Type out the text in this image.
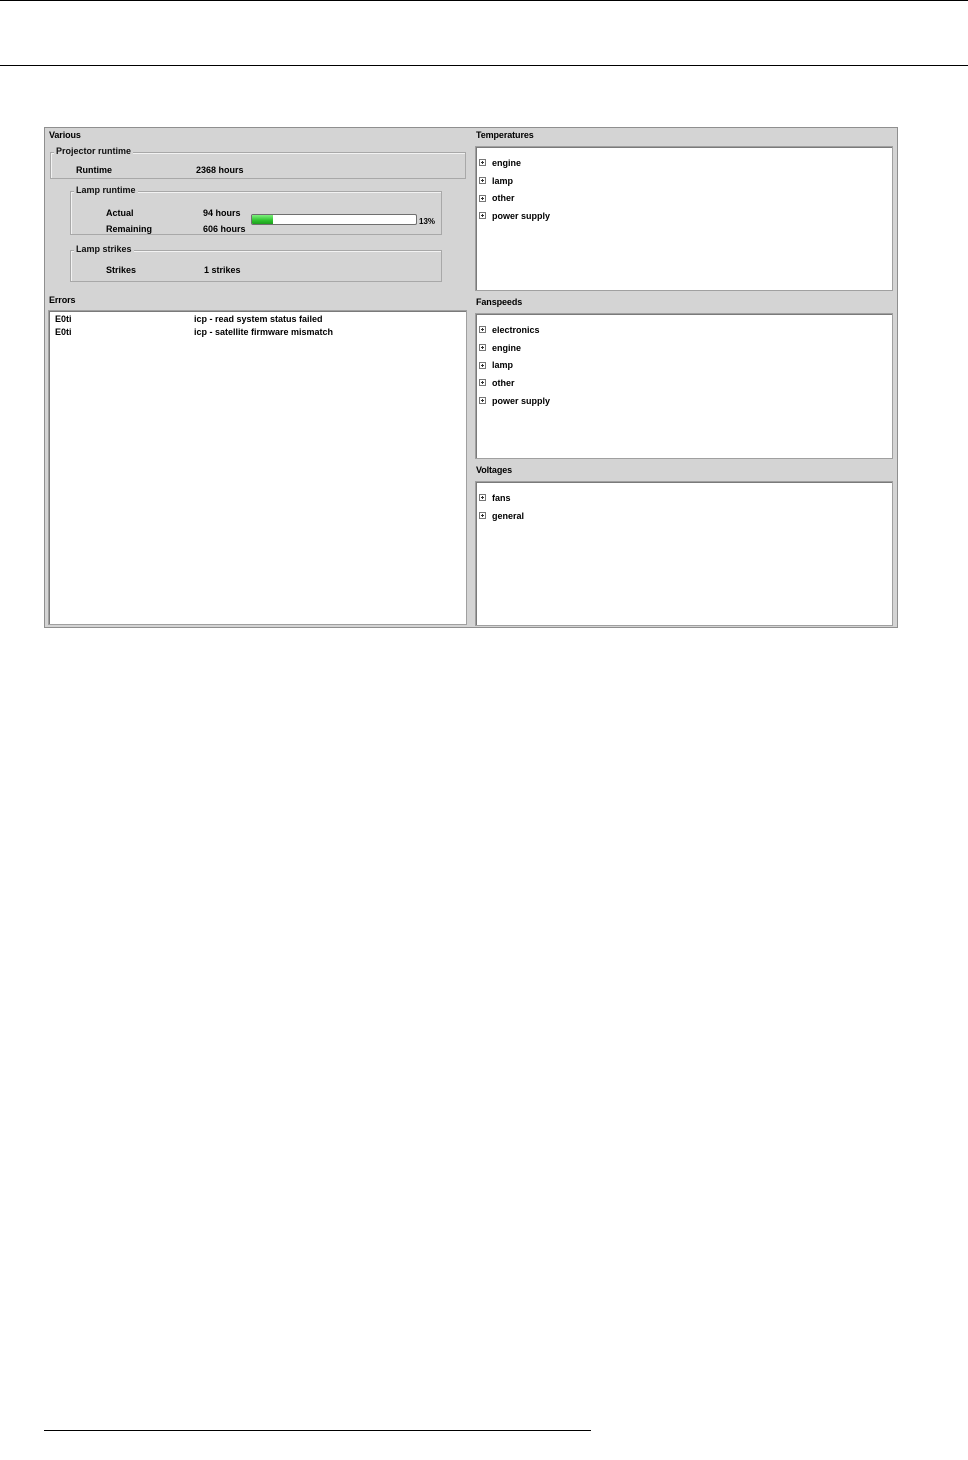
Various
Projector runtime
Runtime	2368 hours
Lamp runtime
Actual	94 hours
Remaining	606 hours
13%
Lamp strikes
Strikes	1 strikes
Errors
E0ti	icp - read system status failed
E0ti	icp - satellite firmware mismatch
Temperatures
engine
lamp
other
power supply
Fanspeeds
electronics
engine
lamp
other
power supply
Voltages
fans
general
